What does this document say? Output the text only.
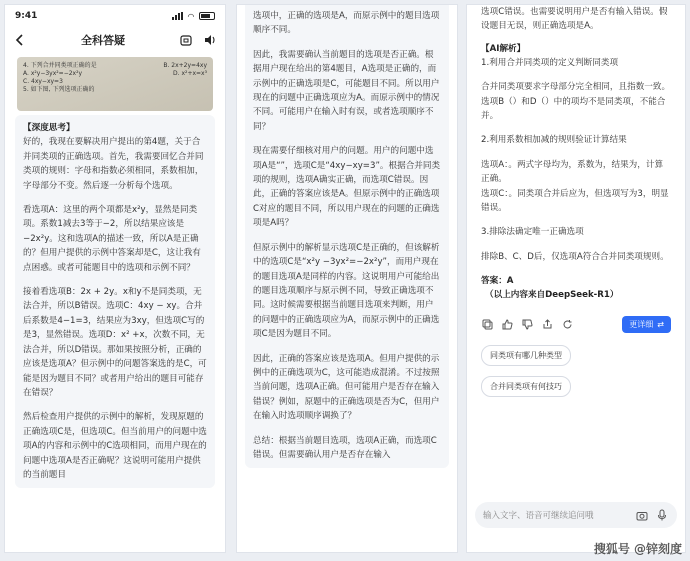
9:41	◠
全科答疑
4. 下列合并同类项正确的是	B. 2x+2y=4xy
A. x²y−3yx²=−2x²y	D. x²+x=x³
C. 4xy−xy=3
5. 如下图, 下列选项正确的
【深度思考】
好的，我现在要解决用户提出的第4题，关于合并同类项的正确选项。首先，我需要回忆合并同类项的规则：字母和指数必须相同，系数相加，字母部分不变。然后逐一分析每个选项。
看选项A：这里的两个项都是x²y，显然是同类项。系数1减去3等于−2，所以结果应该是−2x²y。这和选项A的描述一致，所以A是正确的？但用户提供的示例中答案却是C，这让我有点困惑。或者可能题目中的选项和示例不同？
接着看选项B：2x + 2y。x和y不是同类项，无法合并，所以B错误。选项C：4xy − xy。合并后系数是4−1=3，结果应为3xy，但选项C写的是3，显然错误。选项D：x² +x，次数不同，无法合并，所以D错误。那如果按照分析，正确的应该是选项A？但示例中的问题答案选的是C，可能是因为题目不同？或者用户给出的题目可能存在错误？
然后检查用户提供的示例中的解析，发现原题的正确选项C是，但选项C。但当前用户的问题中选项A的内容和示例中的C选项相同，而用户现在的问题中选项A是否正确呢？这说明可能用户提供的当前题目
选项中，正确的选项是A，而原示例中的题目选项顺序不同。
因此，我需要确认当前题目的选项是否正确。根据用户现在给出的第4题目，A选项是正确的，而示例中的正确选项是C，可能题目不同。所以用户现在的问题中正确选项应为A。而原示例中的情况不同。可能用户在输入时有误，或者选项顺序不同？
现在需要仔细核对用户的问题。用户的问题中选项A是“”，选项C是“4xy−xy=3”。根据合并同类项的规则，选项A确实正确，而选项C错误。因此，正确的答案应该是A。但原示例中的正确选项C对应的题目不同，所以用户现在的问题的正确选项是A吗？
但原示例中的解析显示选项C是正确的，但该解析中的选项C是“x²y −3yx²=−2x²y”，而用户现在的题目选项A是同样的内容。这说明用户可能给出的题目选项顺序与原示例不同，导致正确选项不同。这时候需要根据当前题目选项来判断，用户的问题中的正确选项应为A，而原示例中的正确选项C是因为题目不同。
因此，正确的答案应该是选项A。但用户提供的示例中的正确选项为C，这可能造成混淆。不过按照当前问题，选项A正确。但可能用户是否存在输入错误？例如，原题中的正确选项是否为C，但用户在输入时选项顺序调换了？
总结：根据当前题目选项，选项A正确，而选项C错误。但需要确认用户是否存在输入
选项C错误。也需要说明用户是否有输入错误。假设题目无误，则正确选项是A。
【AI解析】
1.利用合并同类项的定义判断同类项
合并同类项要求字母部分完全相同，且指数一致。选项B（）和D（）中的项均不是同类项，不能合并。
2.利用系数相加减的规则验证计算结果
选项A：。两式字母均为，系数为，结果为，计算正确。
选项C：。同类项合并后应为，但选项写为3，明显错误。
3.排除法确定唯一正确选项
排除B、C、D后，仅选项A符合合并同类项规则。
答案：A
（以上内容来自DeepSeek-R1）
更详细 ⇄
同类项有哪几种类型
合并同类项有何技巧
输入文字、语音可继续追问哦
搜狐号 @锌刻度
